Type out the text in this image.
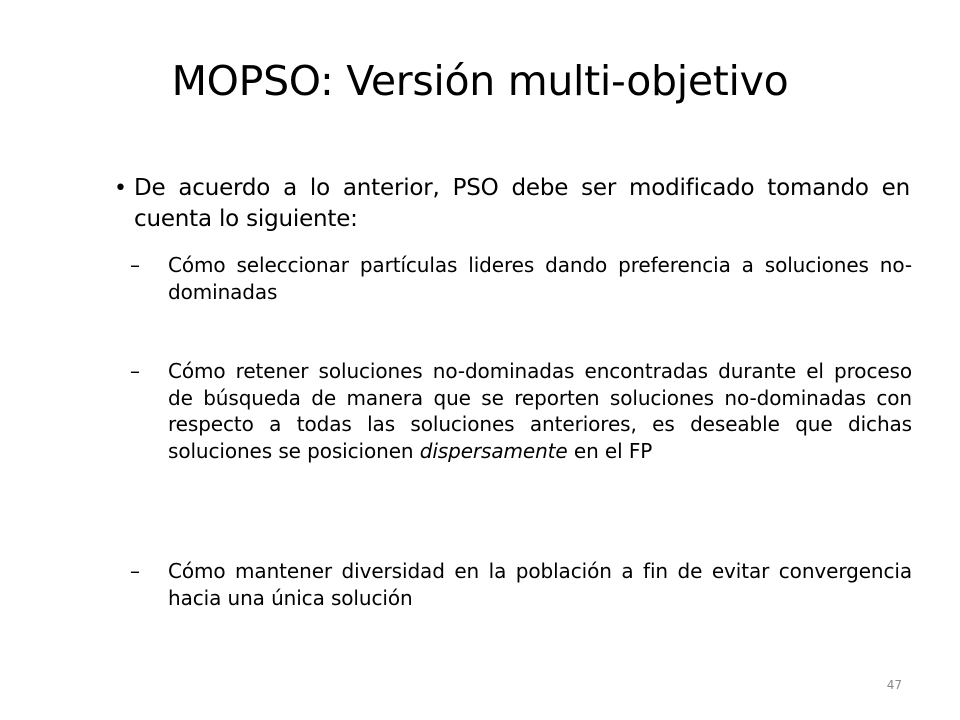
MOPSO: Versión multi-objetivo
• De acuerdo a lo anterior, PSO debe ser modificado tomando en cuenta lo siguiente:
– Cómo seleccionar partículas lideres dando preferencia a soluciones no-dominadas
– Cómo retener soluciones no-dominadas encontradas durante el proceso de búsqueda de manera que se reporten soluciones no-dominadas con respecto a todas las soluciones anteriores, es deseable que dichas soluciones se posicionen dispersamente en el FP
– Cómo mantener diversidad en la población a fin de evitar convergencia hacia una única solución
47
